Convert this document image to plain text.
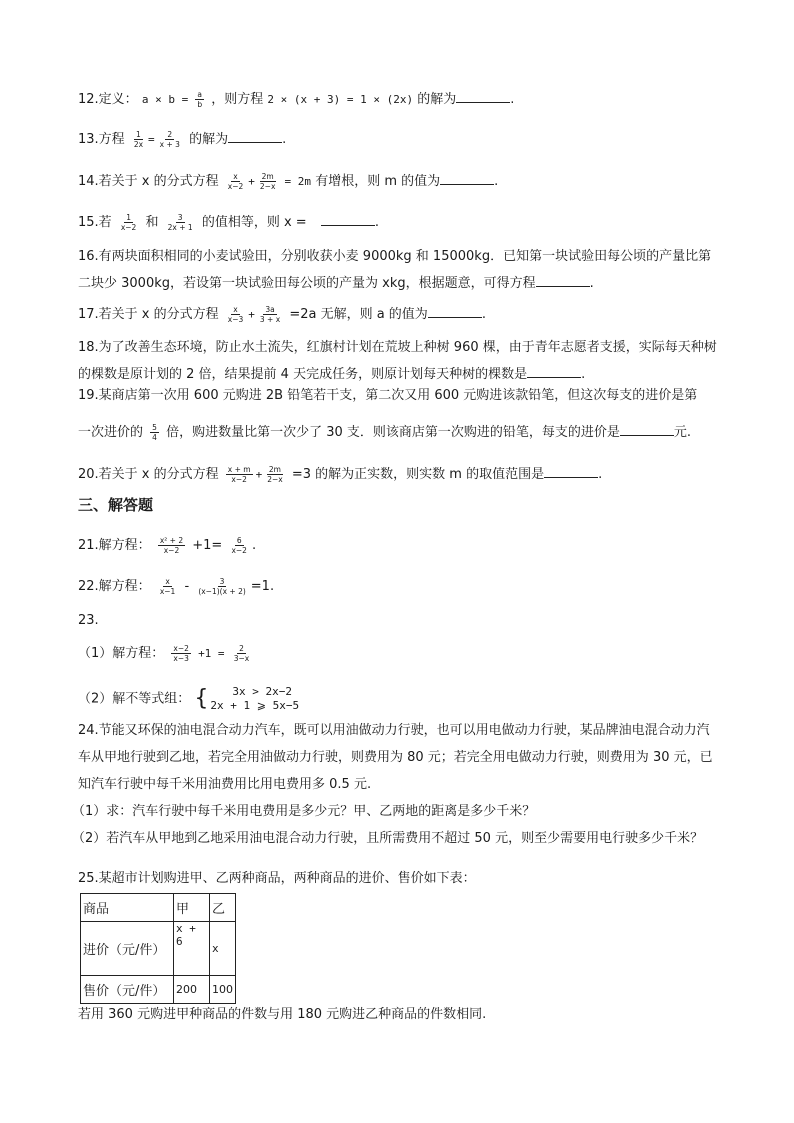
12.定义： $a \times b = \frac{a}{b}$ ，则方程 2 × (x + 3) = 1 × (2x) 的解为	.
13.方程 $\frac{1}{2x} = \frac{2}{x + 3}$ 的解为	.
14.若关于 x 的分式方程 $\frac{x}{x-2} + \frac{2m}{2-x} = 2m$ 有增根，则 m 的值为	.
15.若 $\frac{1}{x-2}$ 和 $\frac{3}{2x + 1}$ 的值相等，则 x =	.
16.有两块面积相同的小麦试验田，分别收获小麦 9000kg 和 15000kg．已知第一块试验田每公顷的产量比第二块少 3000kg，若设第一块试验田每公顷的产量为 xkg，根据题意，可得方程	.
17.若关于 x 的分式方程 $\frac{x}{x-3} + \frac{3a}{3 + x} =2a$ 无解，则 a 的值为	.
18.为了改善生态环境，防止水土流失，红旗村计划在荒坡上种树 960 棵，由于青年志愿者支援，实际每天种树的棵数是原计划的 2 倍，结果提前 4 天完成任务，则原计划每天种树的棵数是	.
19.某商店第一次用 600 元购进 2B 铅笔若干支，第二次又用 600 元购进该款铅笔，但这次每支的进价是第
一次进价的 $\frac{5}{4}$ 倍，购进数量比第一次少了 30 支．则该商店第一次购进的铅笔，每支的进价是	元.
20.若关于 x 的分式方程 $\frac{x + m}{x-2} + \frac{2m}{2-x} =3$ 的解为正实数，则实数 m 的取值范围是	.
三、解答题
21.解方程： $\frac{\text{x² + 2}}{x-2} +1= \frac{6}{x-2}$ .
22.解方程： $\frac{x}{x-1} - \frac{3}{(x-1)(x + 2)} =1$.
23.
（1）解方程： $\frac{x-2}{x-3} +1 = \frac{2}{3-x}$
（2）解不等式组： {	3x > 2x−2
2x + 1 ⩾ 5x−5
24.节能又环保的油电混合动力汽车，既可以用油做动力行驶，也可以用电做动力行驶，某品牌油电混合动力汽车从甲地行驶到乙地，若完全用油做动力行驶，则费用为 80 元；若完全用电做动力行驶，则费用为 30 元，已知汽车行驶中每千米用油费用比用电费用多 0.5 元.
（1）求：汽车行驶中每千米用电费用是多少元？甲、乙两地的距离是多少千米？
（2）若汽车从甲地到乙地采用油电混合动力行驶，且所需费用不超过 50 元，则至少需要用电行驶多少千米？
25.某超市计划购进甲、乙两种商品，两种商品的进价、售价如下表：
商品	甲	乙
进价（元/件）	x + 6	x
售价（元/件）	200	100
若用 360 元购进甲种商品的件数与用 180 元购进乙种商品的件数相同.
